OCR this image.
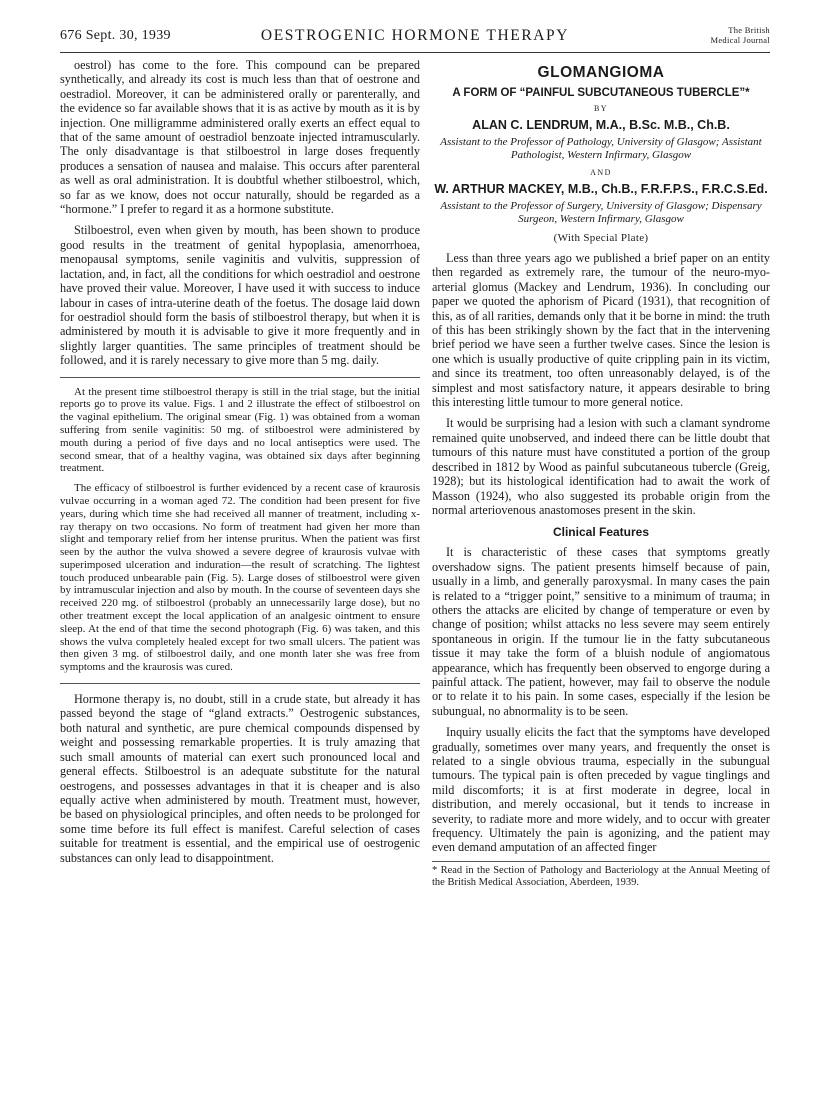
676 Sept. 30, 1939	OESTROGENIC HORMONE THERAPY	The British
Medical Journal

oestrol) has come to the fore. This compound can be prepared synthetically, and already its cost is much less than that of oestrone and oestradiol. Moreover, it can be administered orally or parenterally, and the evidence so far available shows that it is as active by mouth as it is by injection. One milligramme administered orally exerts an effect equal to that of the same amount of oestradiol benzoate injected intramuscularly. The only disadvantage is that stilboestrol in large doses frequently produces a sensation of nausea and malaise. This occurs after parenteral as well as oral administration. It is doubtful whether stilboestrol, which, so far as we know, does not occur naturally, should be regarded as a “hormone.” I prefer to regard it as a hormone substitute.

Stilboestrol, even when given by mouth, has been shown to produce good results in the treatment of genital hypoplasia, amenorrhoea, menopausal symptoms, senile vaginitis and vulvitis, suppression of lactation, and, in fact, all the conditions for which oestradiol and oestrone have proved their value. Moreover, I have used it with success to induce labour in cases of intra-uterine death of the foetus. The dosage laid down for oestradiol should form the basis of stilboestrol therapy, but when it is administered by mouth it is advisable to give it more frequently and in slightly larger quantities. The same principles of treatment should be followed, and it is rarely necessary to give more than 5 mg. daily.

At the present time stilboestrol therapy is still in the trial stage, but the initial reports go to prove its value. Figs. 1 and 2 illustrate the effect of stilboestrol on the vaginal epithelium. The original smear (Fig. 1) was obtained from a woman suffering from senile vaginitis: 50 mg. of stilboestrol were administered by mouth during a period of five days and no local antiseptics were used. The second smear, that of a healthy vagina, was obtained six days after beginning treatment.

The efficacy of stilboestrol is further evidenced by a recent case of kraurosis vulvae occurring in a woman aged 72. The condition had been present for five years, during which time she had received all manner of treatment, including x-ray therapy on two occasions. No form of treatment had given her more than slight and temporary relief from her intense pruritus. When the patient was first seen by the author the vulva showed a severe degree of kraurosis vulvae with superimposed ulceration and induration—the result of scratching. The lightest touch produced unbearable pain (Fig. 5). Large doses of stilboestrol were given by intramuscular injection and also by mouth. In the course of seventeen days she received 220 mg. of stilboestrol (probably an unnecessarily large dose), but no other treatment except the local application of an analgesic ointment to ensure sleep. At the end of that time the second photograph (Fig. 6) was taken, and this shows the vulva completely healed except for two small ulcers. The patient was then given 3 mg. of stilboestrol daily, and one month later she was free from symptoms and the kraurosis was cured.

Hormone therapy is, no doubt, still in a crude state, but already it has passed beyond the stage of “gland extracts.” Oestrogenic substances, both natural and synthetic, are pure chemical compounds dispensed by weight and possessing remarkable properties. It is truly amazing that such small amounts of material can exert such pronounced local and general effects. Stilboestrol is an adequate substitute for the natural oestrogens, and possesses advantages in that it is cheaper and is also equally active when administered by mouth. Treatment must, however, be based on physiological principles, and often needs to be prolonged for some time before its full effect is manifest. Careful selection of cases suitable for treatment is essential, and the empirical use of oestrogenic substances can only lead to disappointment.

GLOMANGIOMA
A FORM OF “PAINFUL SUBCUTANEOUS TUBERCLE”*
BY
ALAN C. LENDRUM, M.A., B.Sc. M.B., Ch.B.
Assistant to the Professor of Pathology, University of Glasgow; Assistant Pathologist, Western Infirmary, Glasgow
AND
W. ARTHUR MACKEY, M.B., Ch.B., F.R.F.P.S., F.R.C.S.Ed.
Assistant to the Professor of Surgery, University of Glasgow; Dispensary Surgeon, Western Infirmary, Glasgow
(With Special Plate)

Less than three years ago we published a brief paper on an entity then regarded as extremely rare, the tumour of the neuro-myo-arterial glomus (Mackey and Lendrum, 1936). In concluding our paper we quoted the aphorism of Picard (1931), that recognition of this, as of all rarities, demands only that it be borne in mind: the truth of this has been strikingly shown by the fact that in the intervening brief period we have seen a further twelve cases. Since the lesion is one which is usually productive of quite crippling pain in its victim, and since its treatment, too often unreasonably delayed, is of the simplest and most satisfactory nature, it appears desirable to bring this interesting little tumour to more general notice.

It would be surprising had a lesion with such a clamant syndrome remained quite unobserved, and indeed there can be little doubt that tumours of this nature must have constituted a portion of the group described in 1812 by Wood as painful subcutaneous tubercle (Greig, 1928); but its histological identification had to await the work of Masson (1924), who also suggested its probable origin from the normal arteriovenous anastomoses present in the skin.

Clinical Features

It is characteristic of these cases that symptoms greatly overshadow signs. The patient presents himself because of pain, usually in a limb, and generally paroxysmal. In many cases the pain is related to a “trigger point,” sensitive to a minimum of trauma; in others the attacks are elicited by change of temperature or even by change of position; whilst attacks no less severe may seem entirely spontaneous in origin. If the tumour lie in the fatty subcutaneous tissue it may take the form of a bluish nodule of angiomatous appearance, which has frequently been observed to engorge during a painful attack. The patient, however, may fail to observe the nodule or to relate it to his pain. In some cases, especially if the lesion be subungual, no abnormality is to be seen.

Inquiry usually elicits the fact that the symptoms have developed gradually, sometimes over many years, and frequently the onset is related to a single obvious trauma, especially in the subungual tumours. The typical pain is often preceded by vague tinglings and mild discomforts; it is at first moderate in degree, local in distribution, and merely occasional, but it tends to increase in severity, to radiate more and more widely, and to occur with greater frequency. Ultimately the pain is agonizing, and the patient may even demand amputation of an affected finger

* Read in the Section of Pathology and Bacteriology at the Annual Meeting of the British Medical Association, Aberdeen, 1939.
